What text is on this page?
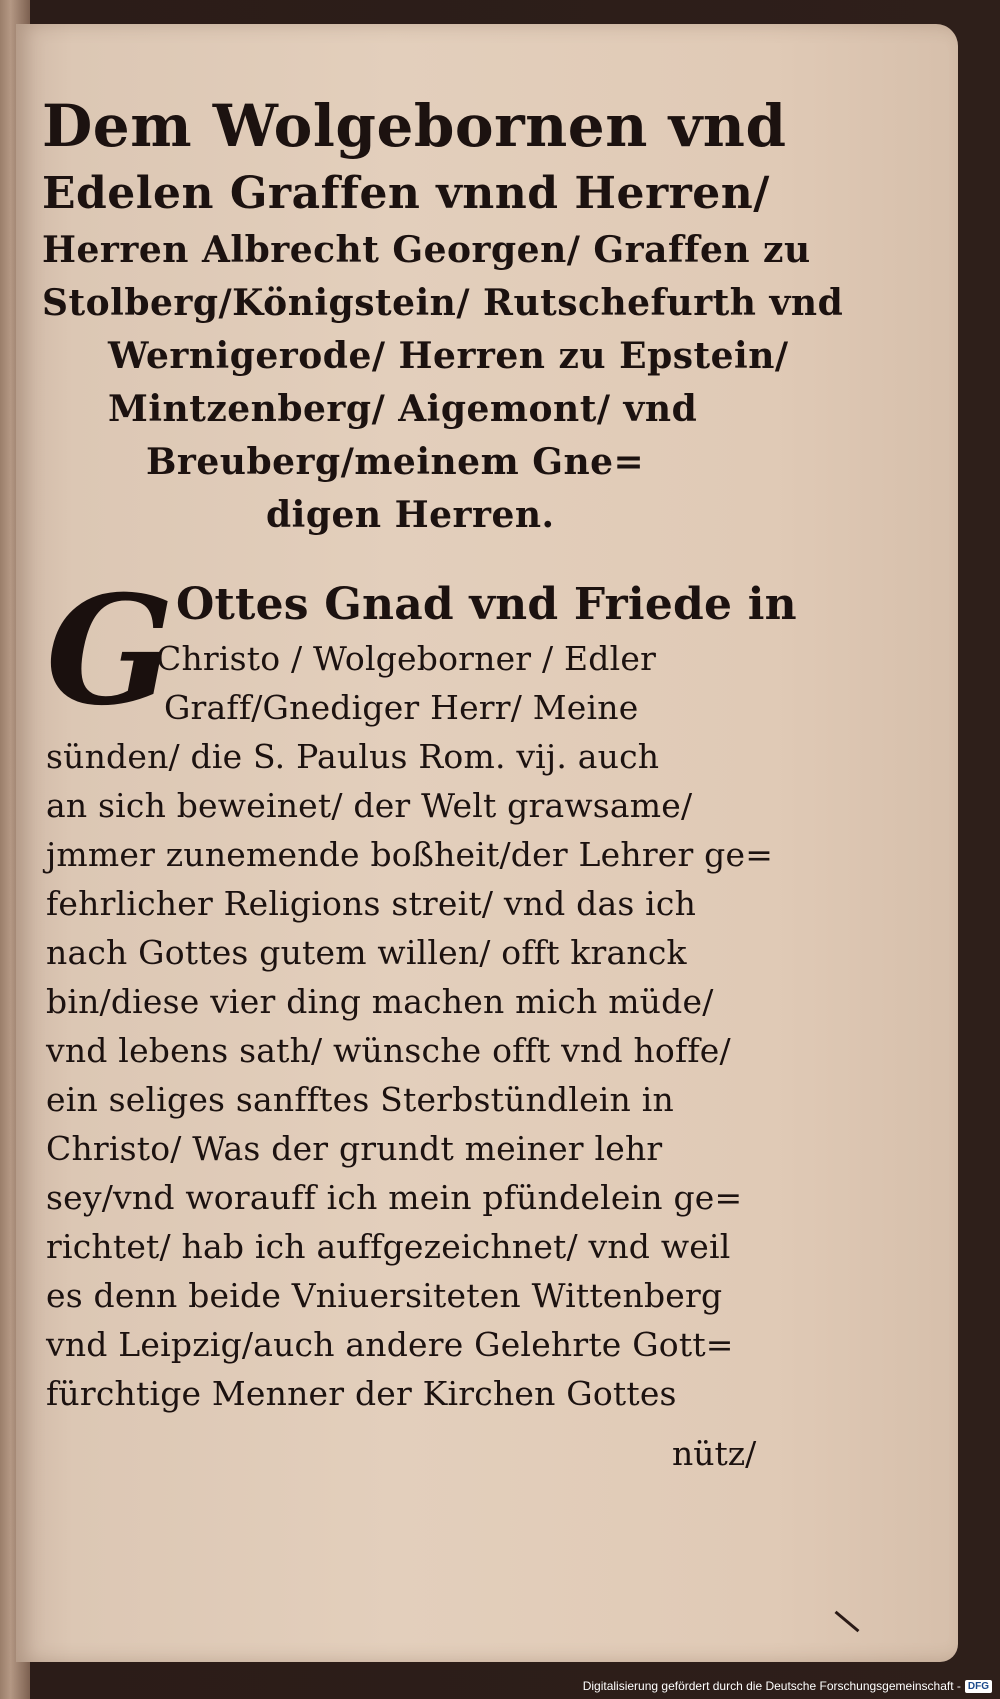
Dem Wolgebornen vnd
Edelen Graffen vnnd Herren/
Herren Albrecht Georgen/ Graffen zu
Stolberg/Königstein/ Rutschefurth vnd
Wernigerode/ Herren zu Epstein/
Mintzenberg/ Aigemont/ vnd
Breuberg/meinem Gne=
digen Herren.
G Ottes Gnad vnd Friede in
Christo / Wolgeborner / Edler
Graff/Gnediger Herr/ Meine
sünden/ die S. Paulus Rom. vij. auch
an sich beweinet/ der Welt grawsame/
jmmer zunemende boßheit/der Lehrer ge=
fehrlicher Religions streit/ vnd das ich
nach Gottes gutem willen/ offt kranck
bin/diese vier ding machen mich müde/
vnd lebens sath/ wünsche offt vnd hoffe/
ein seliges sanfftes Sterbstündlein in
Christo/ Was der grundt meiner lehr
sey/vnd worauff ich mein pfündelein ge=
richtet/ hab ich auffgezeichnet/ vnd weil
es denn beide Vniuersiteten Wittenberg
vnd Leipzig/auch andere Gelehrte Gott=
fürchtige Menner der Kirchen Gottes
nütz/
Digitalisierung gefördert durch die Deutsche Forschungsgemeinschaft - DFG
